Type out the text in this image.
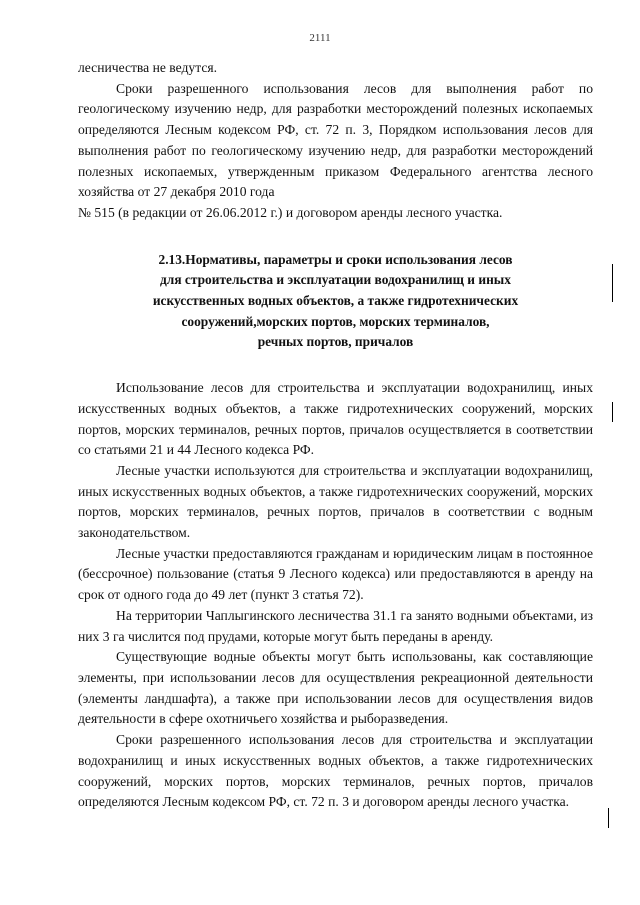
2111

лесничества не ведутся.

Сроки разрешенного использования лесов для выполнения работ по геологическому изучению недр, для разработки месторождений полезных ископаемых определяются Лесным кодексом РФ, ст. 72 п. 3, Порядком использования лесов для выполнения работ по геологическому изучению недр, для разработки месторождений полезных ископаемых, утвержденным приказом Федерального агентства лесного хозяйства от 27 декабря 2010 года

№ 515 (в редакции от 26.06.2012 г.) и договором аренды лесного участка.

2.13.Нормативы, параметры и сроки использования лесов
для строительства и эксплуатации водохранилищ и иных
искусственных водных объектов, а также гидротехнических
сооружений,морских портов, морских терминалов,
речных портов, причалов

Использование лесов для строительства и эксплуатации водохранилищ, иных искусственных водных объектов, а также гидротехнических сооружений, морских портов, морских терминалов, речных портов, причалов осуществляется в соответствии со статьями 21 и 44 Лесного кодекса РФ.

Лесные участки используются для строительства и эксплуатации водохранилищ, иных искусственных водных объектов, а также гидротехнических сооружений, морских портов, морских терминалов, речных портов, причалов в соответствии с водным законодательством.

Лесные участки предоставляются гражданам и юридическим лицам в постоянное (бессрочное) пользование (статья 9 Лесного кодекса) или предоставляются в аренду на срок от одного года до 49 лет (пункт 3 статья 72).

На территории Чаплыгинского лесничества 31.1 га занято водными объектами, из них 3 га числится под прудами, которые могут быть переданы в аренду.

Существующие водные объекты могут быть использованы, как составляющие элементы, при использовании лесов для осуществления рекреационной деятельности (элементы ландшафта), а также при использовании лесов для осуществления видов деятельности в сфере охотничьего хозяйства и рыборазведения.

Сроки разрешенного использования лесов для строительства и эксплуатации водохранилищ и иных искусственных водных объектов, а также гидротехнических сооружений, морских портов, морских терминалов, речных портов, причалов определяются Лесным кодексом РФ, ст. 72 п. 3 и договором аренды лесного участка.
